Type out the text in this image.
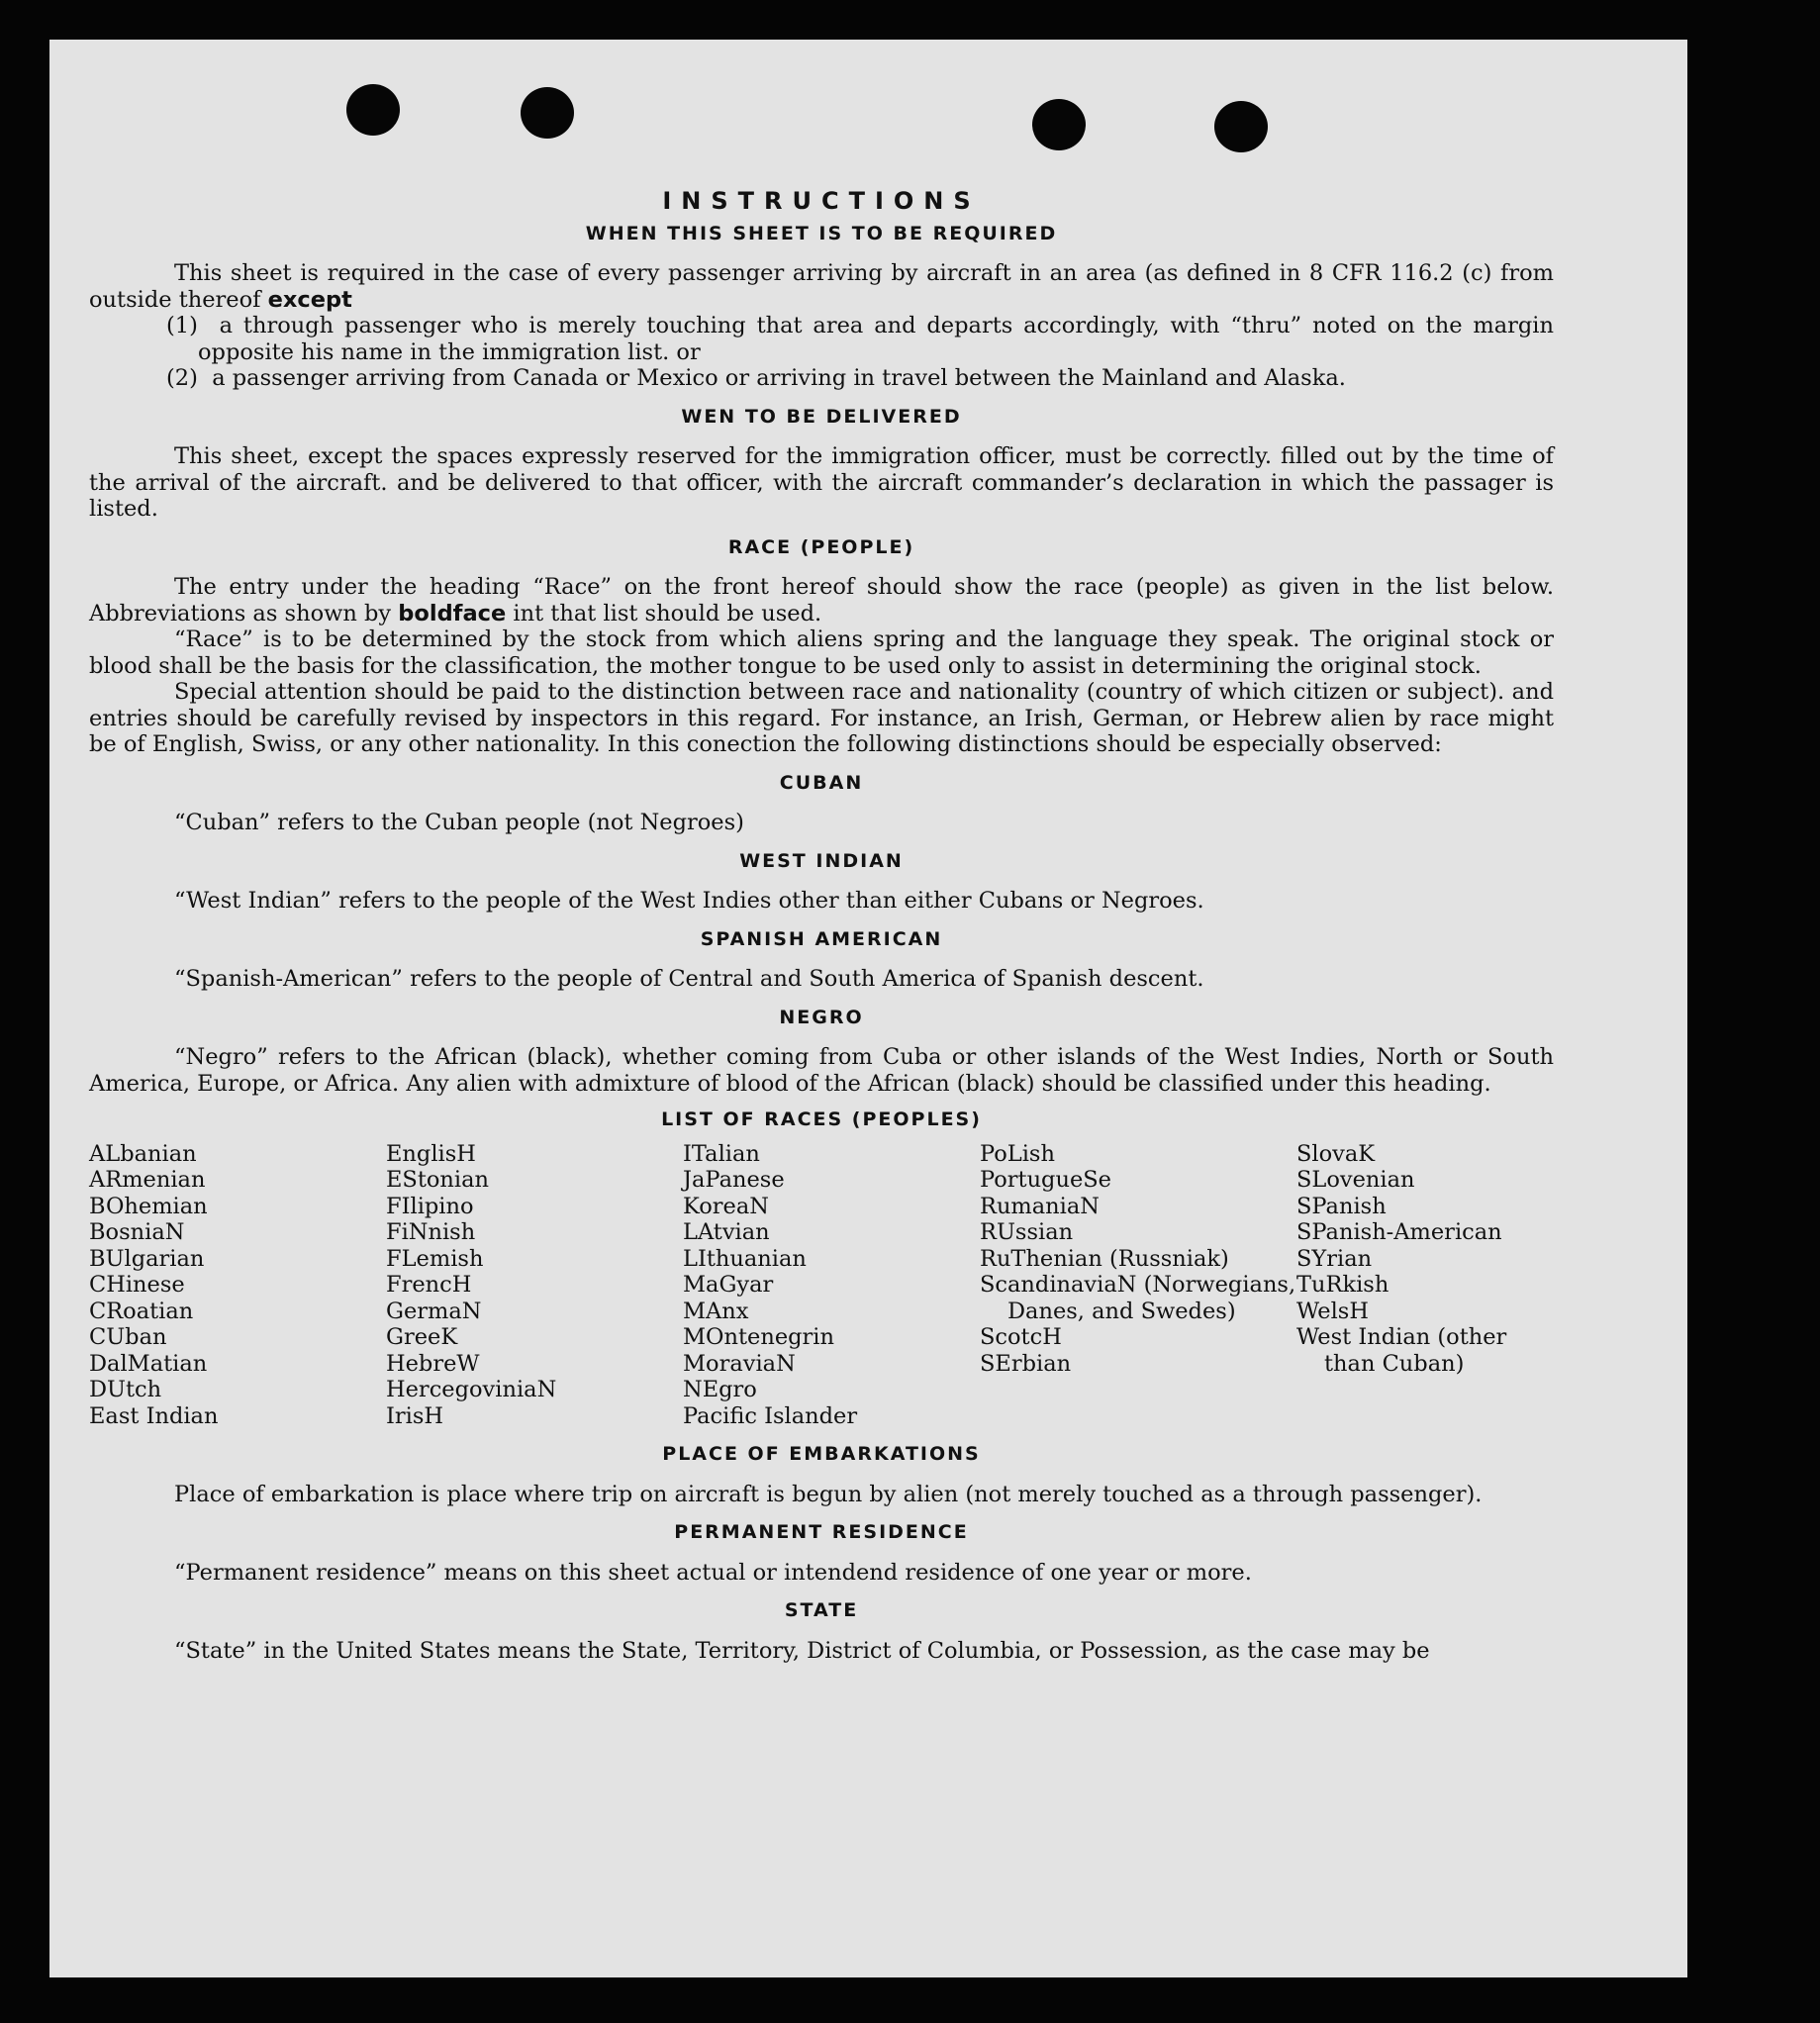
INSTRUCTIONS
WHEN THIS SHEET IS TO BE REQUIRED

This sheet is required in the case of every passenger arriving by aircraft in an area (as defined in 8 CFR 116.2 (c) from outside thereof except

(1) a through passenger who is merely touching that area and departs accordingly, with “thru” noted on the margin opposite his name in the immigration list. or

(2) a passenger arriving from Canada or Mexico or arriving in travel between the Mainland and Alaska.

WEN TO BE DELIVERED

This sheet, except the spaces expressly reserved for the immigration officer, must be correctly. filled out by the time of the arrival of the aircraft. and be delivered to that officer, with the aircraft commander’s declaration in which the passager is listed.

RACE (PEOPLE)

The entry under the heading “Race” on the front hereof should show the race (people) as given in the list below. Abbreviations as shown by boldface int that list should be used.

“Race” is to be determined by the stock from which aliens spring and the language they speak. The original stock or blood shall be the basis for the classification, the mother tongue to be used only to assist in determining the original stock.

Special attention should be paid to the distinction between race and nationality (country of which citizen or subject). and entries should be carefully revised by inspectors in this regard. For instance, an Irish, German, or Hebrew alien by race might be of English, Swiss, or any other nationality. In this conection the following distinctions should be especially observed:

CUBAN

“Cuban” refers to the Cuban people (not Negroes)

WEST INDIAN

“West Indian” refers to the people of the West Indies other than either Cubans or Negroes.

SPANISH AMERICAN

“Spanish-American” refers to the people of Central and South America of Spanish descent.

NEGRO

“Negro” refers to the African (black), whether coming from Cuba or other islands of the West Indies, North or South America, Europe, or Africa. Any alien with admixture of blood of the African (black) should be classified under this heading.

LIST OF RACES (PEOPLES)
ALbanian
ARmenian
BOhemian
BosniaN
BUlgarian
CHinese
CRoatian
CUban
DalMatian
DUtch
East Indian
EnglisH
EStonian
FIlipino
FiNnish
FLemish
FrencH
GermaN
GreeK
HebreW
HercegoviniaN
IrisH
ITalian
JaPanese
KoreaN
LAtvian
LIthuanian
MaGyar
MAnx
MOntenegrin
MoraviaN
NEgro
Pacific Islander
PoLish
PortugueSe
RumaniaN
RUssian
RuThenian (Russniak)
ScandinaviaN (Norwegians, Danes, and Swedes)
ScotcH
SErbian
SlovaK
SLovenian
SPanish
SPanish-American
SYrian
TuRkish
WelsH
West Indian (other than Cuban)
PLACE OF EMBARKATIONS

Place of embarkation is place where trip on aircraft is begun by alien (not merely touched as a through passenger).

PERMANENT RESIDENCE

“Permanent residence” means on this sheet actual or intendend residence of one year or more.

STATE

“State” in the United States means the State, Territory, District of Columbia, or Possession, as the case may be
